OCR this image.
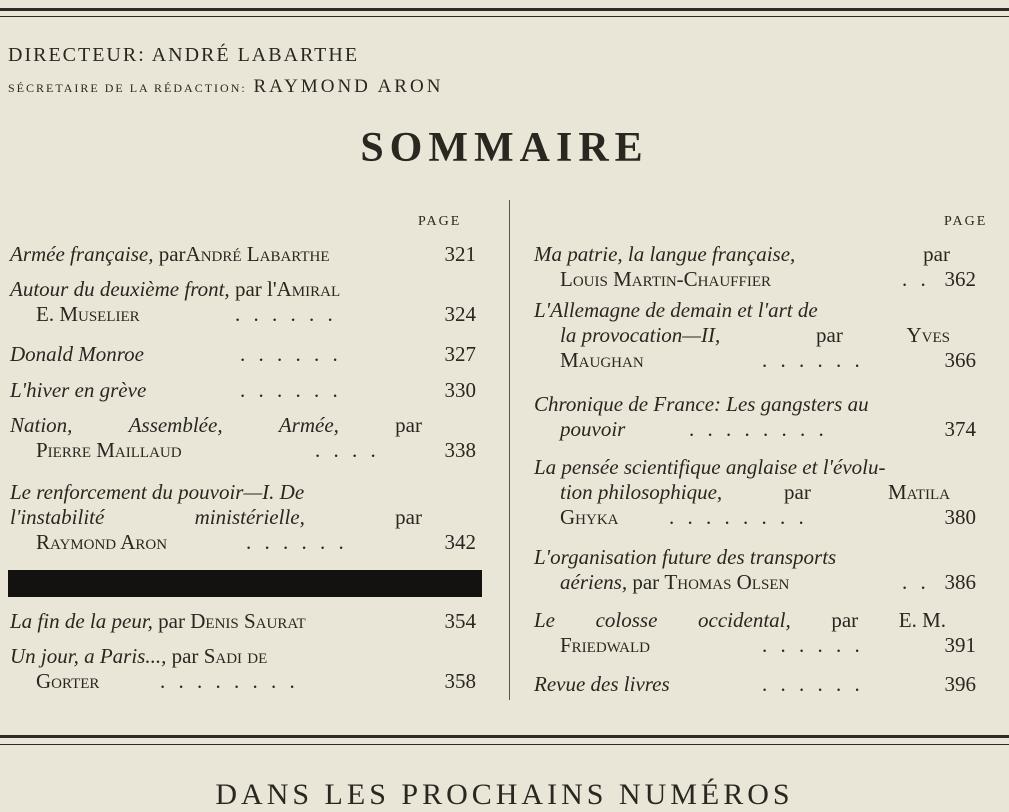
DIRECTEUR: ANDRÉ LABARTHE
SÉCRETAIRE DE LA RÉDACTION: RAYMOND ARON
SOMMAIRE
PAGE	PAGE
Armée française, parAndré Labarthe	321
Autour du deuxième front, par l'Amiral
E. Muselier	. . . . . .	324
Donald Monroe	. . . . . .	327
L'hiver en grève	. . . . . .	330
Nation,	Assemblée,	Armée,	par
Pierre Maillaud	. . . .	338
Le renforcement du pouvoir—I. De
l'instabilité	ministérielle,	par
Raymond Aron	. . . . . .	342
La fin de la peur, par Denis Saurat	354
Un jour, a Paris..., par Sadi de
Gorter	. . . . . . . .	358
Ma patrie, la langue française,	par
Louis Martin-Chauffier	. . 362
L'Allemagne de demain et l'art de
la provocation—II,	par	Yves
Maughan	. . . . . .	366
Chronique de France: Les gangsters au
pouvoir	. . . . . . . .	374
La pensée scientifique anglaise et l'évolu-
tion philosophique,	par	Matila
Ghyka . . . . . . . .	380
L'organisation future des transports
aériens, par Thomas Olsen	. . 386
Le colosse occidental, par E. M.
Friedwald	. . . . . .	391
Revue des livres	. . . . . .	396
DANS LES PROCHAINS NUMÉROS
